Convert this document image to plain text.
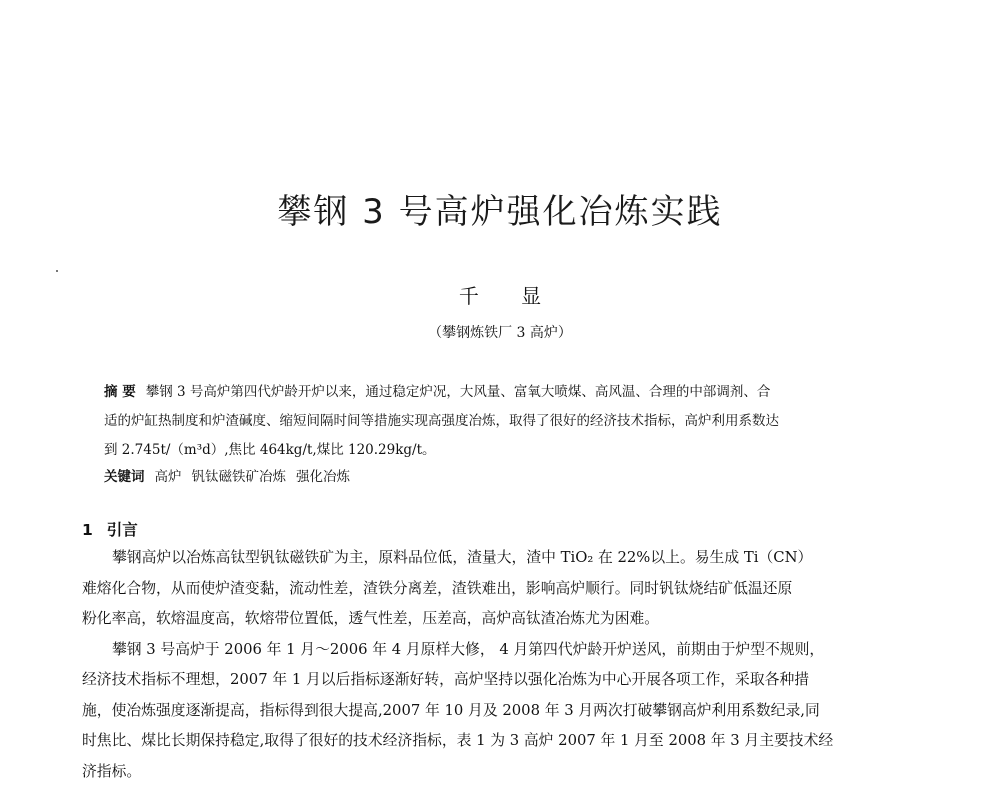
攀钢 3 号高炉强化冶炼实践
千 显
（攀钢炼铁厂 3 高炉）
摘 要 攀钢 3 号高炉第四代炉龄开炉以来，通过稳定炉况，大风量、富氧大喷煤、高风温、合理的中部调剂、合
适的炉缸热制度和炉渣碱度、缩短间隔时间等措施实现高强度冶炼，取得了很好的经济技术指标，高炉利用系数达
到 2.745t/（m³d）,焦比 464kg/t,煤比 120.29kg/t。
关键词 高炉 钒钛磁铁矿冶炼 强化冶炼
1 引言
攀钢高炉以冶炼高钛型钒钛磁铁矿为主，原料品位低，渣量大，渣中 TiO₂ 在 22%以上。易生成 Ti（CN）
难熔化合物，从而使炉渣变黏，流动性差，渣铁分离差，渣铁难出，影响高炉顺行。同时钒钛烧结矿低温还原
粉化率高，软熔温度高，软熔带位置低，透气性差，压差高，高炉高钛渣冶炼尤为困难。
攀钢 3 号高炉于 2006 年 1 月～2006 年 4 月原样大修， 4 月第四代炉龄开炉送风，前期由于炉型不规则，
经济技术指标不理想，2007 年 1 月以后指标逐渐好转，高炉坚持以强化冶炼为中心开展各项工作，采取各种措
施，使冶炼强度逐渐提高，指标得到很大提高,2007 年 10 月及 2008 年 3 月两次打破攀钢高炉利用系数纪录,同
时焦比、煤比长期保持稳定,取得了很好的技术经济指标，表 1 为 3 高炉 2007 年 1 月至 2008 年 3 月主要技术经
济指标。
